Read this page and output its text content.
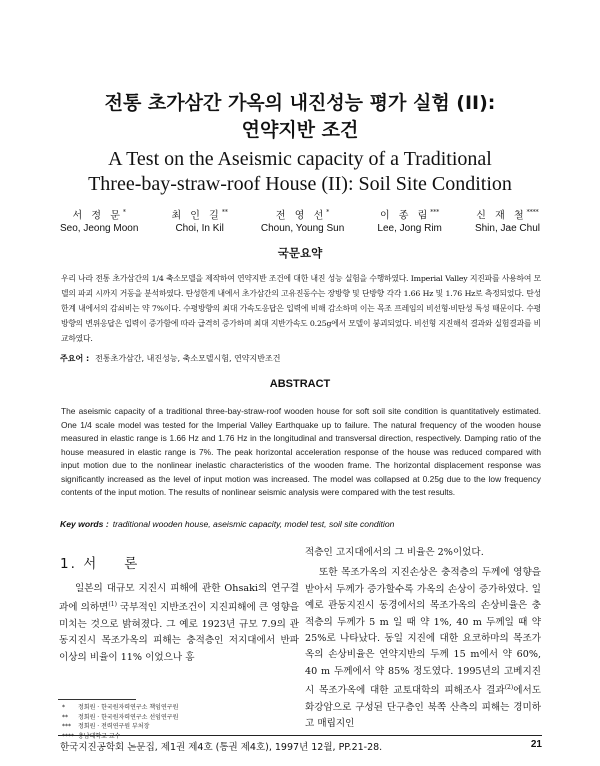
전통 초가삼간 가옥의 내진성능 평가 실험 (II):
연약지반 조건
A Test on the Aseismic capacity of a Traditional
Three-bay-straw-roof House (II): Soil Site Condition
서 정 문*
Seo, Jeong Moon
최 인 길**
Choi, In Kil
전 영 선*
Choun, Young Sun
이 종 림***
Lee, Jong Rim
신 재 철****
Shin, Jae Chul
국문요약
우리 나라 전통 초가삼간의 1/4 축소모델을 제작하여 연약지반 조건에 대한 내진 성능 실험을 수행하였다. Imperial Valley 지진파를 사용하여 모델의 파괴 시까지 거동을 분석하였다. 탄성한계 내에서 초가삼간의 고유진동수는 장방향 및 단방향 각각 1.66 Hz 및 1.76 Hz로 측정되었다. 탄성한계 내에서의 감쇠비는 약 7%이다. 수평방향의 최대 가속도응답은 입력에 비해 감소하며 이는 목조 프레임의 비선형·비탄성 특성 때문이다. 수평방향의 변위응답은 입력이 증가함에 따라 급격히 증가하며 최대 지반가속도 0.25g에서 모델이 붕괴되었다. 비선형 지진해석 결과와 실험결과를 비교하였다.
주요어 : 전통초가삼간, 내진성능, 축소모델시험, 연약지반조건
ABSTRACT
The aseismic capacity of a traditional three-bay-straw-roof wooden house for soft soil site condition is quantitatively estimated. One 1/4 scale model was tested for the Imperial Valley Earthquake up to failure. The natural frequency of the wooden house measured in elastic range is 1.66 Hz and 1.76 Hz in the longitudinal and transversal direction, respectively. Damping ratio of the house measured in elastic range is 7%. The peak horizontal acceleration response of the house was reduced compared with input motion due to the nonlinear inelastic characteristics of the wooden frame. The horizontal displacement response was significantly increased as the level of input motion was increased. The model was collapsed at 0.25g due to the low frequency contents of the input motion. The results of nonlinear seismic analysis were compared with the test results.
Key words : traditional wooden house, aseismic capacity, model test, soil site condition
1. 서 론
일본의 대규모 지진시 피해에 관한 Ohsaki의 연구결과에 의하면$^{(1)}$ 국부적인 지반조건이 지진피해에 큰 영향을 미치는 것으로 밝혀졌다. 그 예로 1923년 규모 7.9의 관동지진시 목조가옥의 피해는 충적층인 저지대에서 반파 이상의 비율이 11% 이었으나 홍

적층인 고지대에서의 그 비율은 2%이었다.

또한 목조가옥의 지진손상은 충적층의 두께에 영향을 받아서 두께가 증가할수록 가옥의 손상이 증가하였다. 일 예로 관동지진시 동경에서의 목조가옥의 손상비율은 충적층의 두께가 5 m 일 때 약 1%, 40 m 두께일 때 약 25%로 나타났다. 동일 지진에 대한 요코하마의 목조가옥의 손상비율은 연약지반의 두께 15 m에서 약 60%, 40 m 두께에서 약 85% 정도였다. 1995년의 고베지진시 목조가옥에 대한 교토대학의 피해조사 결과$^{(2)}$에서도 화강암으로 구성된 단구층인 북쪽 산측의 피해는 경미하고 매립지인

* 정회원 · 한국원자력연구소 책임연구원
** 정회원 · 한국원자력연구소 선임연구원
*** 정회원 · 전력연구원 부처장
**** 충남대학교 교수
한국지진공학회 논문집, 제1권 제4호 (통권 제4호), 1997년 12월, PP.21-28.	21
